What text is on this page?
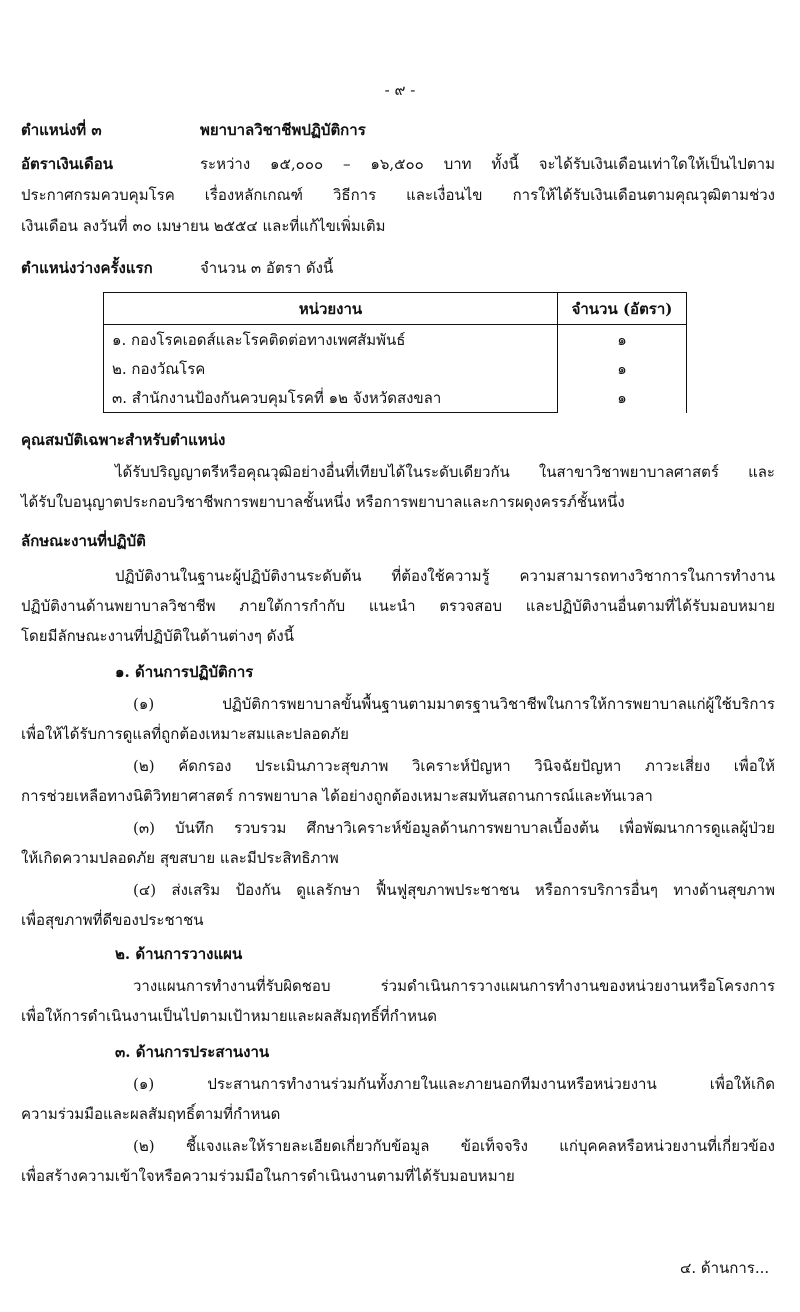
- ๙ -
ตำแหน่งที่ ๓	พยาบาลวิชาชีพปฏิบัติการ
อัตราเงินเดือน	ระหว่าง ๑๕,๐๐๐ – ๑๖,๕๐๐ บาท ทั้งนี้ จะได้รับเงินเดือนเท่าใดให้เป็นไปตาม
ประกาศกรมควบคุมโรค เรื่องหลักเกณฑ์ วิธีการ และเงื่อนไข การให้ได้รับเงินเดือนตามคุณวุฒิตามช่วง
เงินเดือน ลงวันที่ ๓๐ เมษายน ๒๕๕๔ และที่แก้ไขเพิ่มเติม
ตำแหน่งว่างครั้งแรก	จำนวน ๓ อัตรา ดังนี้
หน่วยงาน	จำนวน (อัตรา)
๑. กองโรคเอดส์และโรคติดต่อทางเพศสัมพันธ์	๑
๒. กองวัณโรค	๑
๓. สำนักงานป้องกันควบคุมโรคที่ ๑๒ จังหวัดสงขลา	๑
คุณสมบัติเฉพาะสำหรับตำแหน่ง
ได้รับปริญญาตรีหรือคุณวุฒิอย่างอื่นที่เทียบได้ในระดับเดียวกัน ในสาขาวิชาพยาบาลศาสตร์ และ
ได้รับใบอนุญาตประกอบวิชาชีพการพยาบาลชั้นหนึ่ง หรือการพยาบาลและการผดุงครรภ์ชั้นหนึ่ง
ลักษณะงานที่ปฏิบัติ
ปฏิบัติงานในฐานะผู้ปฏิบัติงานระดับต้น ที่ต้องใช้ความรู้ ความสามารถทางวิชาการในการทำงาน
ปฏิบัติงานด้านพยาบาลวิชาชีพ ภายใต้การกำกับ แนะนำ ตรวจสอบ และปฏิบัติงานอื่นตามที่ได้รับมอบหมาย
โดยมีลักษณะงานที่ปฏิบัติในด้านต่างๆ ดังนี้
๑. ด้านการปฏิบัติการ
(๑) ปฏิบัติการพยาบาลขั้นพื้นฐานตามมาตรฐานวิชาชีพในการให้การพยาบาลแก่ผู้ใช้บริการ
เพื่อให้ได้รับการดูแลที่ถูกต้องเหมาะสมและปลอดภัย
(๒) คัดกรอง ประเมินภาวะสุขภาพ วิเคราะห์ปัญหา วินิจฉัยปัญหา ภาวะเสี่ยง เพื่อให้
การช่วยเหลือทางนิติวิทยาศาสตร์ การพยาบาล ได้อย่างถูกต้องเหมาะสมทันสถานการณ์และทันเวลา
(๓) บันทึก รวบรวม ศึกษาวิเคราะห์ข้อมูลด้านการพยาบาลเบื้องต้น เพื่อพัฒนาการดูแลผู้ป่วย
ให้เกิดความปลอดภัย สุขสบาย และมีประสิทธิภาพ
(๔) ส่งเสริม ป้องกัน ดูแลรักษา ฟื้นฟูสุขภาพประชาชน หรือการบริการอื่นๆ ทางด้านสุขภาพ
เพื่อสุขภาพที่ดีของประชาชน
๒. ด้านการวางแผน
วางแผนการทำงานที่รับผิดชอบ ร่วมดำเนินการวางแผนการทำงานของหน่วยงานหรือโครงการ
เพื่อให้การดำเนินงานเป็นไปตามเป้าหมายและผลสัมฤทธิ์ที่กำหนด
๓. ด้านการประสานงาน
(๑) ประสานการทำงานร่วมกันทั้งภายในและภายนอกทีมงานหรือหน่วยงาน เพื่อให้เกิด
ความร่วมมือและผลสัมฤทธิ์ตามที่กำหนด
(๒) ชี้แจงและให้รายละเอียดเกี่ยวกับข้อมูล ข้อเท็จจริง แก่บุคคลหรือหน่วยงานที่เกี่ยวข้อง
เพื่อสร้างความเข้าใจหรือความร่วมมือในการดำเนินงานตามที่ได้รับมอบหมาย
๔. ด้านการ...
